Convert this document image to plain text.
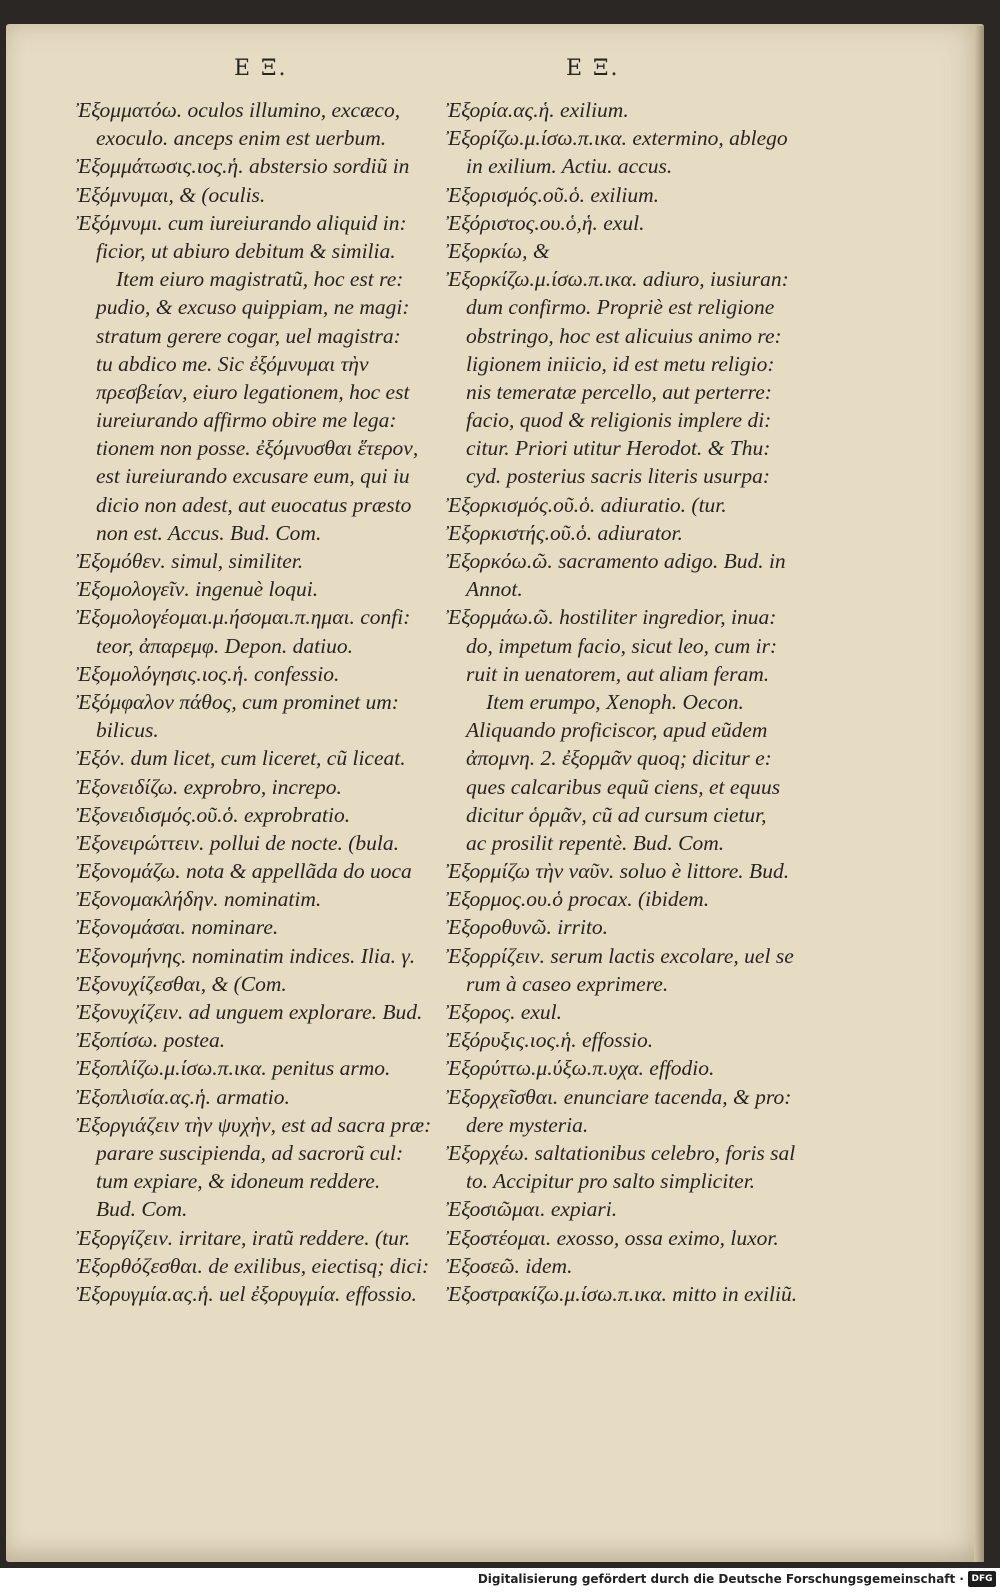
E Ξ.	E Ξ.
Ἐξομματόω. oculos illumino, excæco,
exoculo. anceps enim est uerbum.
Ἐξομμάτωσις.ιος.ἡ. abstersio sordiũ in
Ἐξόμνυμαι, & (oculis.
Ἐξόμνυμι. cum iureiurando aliquid in:
ficior, ut abiuro debitum & similia.
Item eiuro magistratũ, hoc est re:
pudio, & excuso quippiam, ne magi:
stratum gerere cogar, uel magistra:
tu abdico me. Sic ἐξόμνυμαι τὴν
πρεσβείαν, eiuro legationem, hoc est
iureiurando affirmo obire me lega:
tionem non posse. ἐξόμνυσθαι ἕτερον,
est iureiurando excusare eum, qui iu
dicio non adest, aut euocatus præsto
non est. Accus. Bud. Com.
Ἐξομόθεν. simul, similiter.
Ἐξομολογεῖν. ingenuè loqui.
Ἐξομολογέομαι.μ.ήσομαι.π.ημαι. confi:
teor, ἀπαρεμφ. Depon. datiuo.
Ἐξομολόγησις.ιος.ἡ. confessio.
Ἐξόμφαλον πάθος, cum prominet um:
bilicus.
Ἐξόν. dum licet, cum liceret, cũ liceat.
Ἐξονειδίζω. exprobro, increpo.
Ἐξονειδισμός.οῦ.ὁ. exprobratio.
Ἐξονειρώττειν. pollui de nocte. (bula.
Ἐξονομάζω. nota & appellãda do uoca
Ἐξονομακλήδην. nominatim.
Ἐξονομάσαι. nominare.
Ἐξονομήνης. nominatim indices. Ilia. γ.
Ἐξονυχίζεσθαι, & (Com.
Ἐξονυχίζειν. ad unguem explorare. Bud.
Ἐξοπίσω. postea.
Ἐξοπλίζω.μ.ίσω.π.ικα. penitus armo.
Ἐξοπλισία.ας.ἡ. armatio.
Ἐξοργιάζειν τὴν ψυχὴν, est ad sacra præ:
parare suscipienda, ad sacrorũ cul:
tum expiare, & idoneum reddere.
Bud. Com.
Ἐξοργίζειν. irritare, iratũ reddere. (tur.
Ἐξορθόζεσθαι. de exilibus, eiectisq; dici:
Ἐξορυγμία.ας.ἡ. uel ἐξορυγμία. effossio.
Ἐξορία.ας.ἡ. exilium.
Ἐξορίζω.μ.ίσω.π.ικα. extermino, ablego
in exilium. Actiu. accus.
Ἐξορισμός.οῦ.ὁ. exilium.
Ἐξόριστος.ου.ὁ,ἡ. exul.
Ἐξορκίω, &
Ἐξορκίζω.μ.ίσω.π.ικα. adiuro, iusiuran:
dum confirmo. Propriè est religione
obstringo, hoc est alicuius animo re:
ligionem iniicio, id est metu religio:
nis temeratæ percello, aut perterre:
facio, quod & religionis implere di:
citur. Priori utitur Herodot. & Thu:
cyd. posterius sacris literis usurpa:
Ἐξορκισμός.οῦ.ὁ. adiuratio. (tur.
Ἐξορκιστής.οῦ.ὁ. adiurator.
Ἐξορκόω.ῶ. sacramento adigo. Bud. in
Annot.
Ἐξορμάω.ῶ. hostiliter ingredior, inua:
do, impetum facio, sicut leo, cum ir:
ruit in uenatorem, aut aliam feram.
Item erumpo, Xenoph. Oecon.
Aliquando proficiscor, apud eũdem
ἀπομνη. 2. ἐξορμᾶν quoq; dicitur e:
ques calcaribus equũ ciens, et equus
dicitur ὁρμᾶν, cũ ad cursum cietur,
ac prosilit repentè. Bud. Com.
Ἐξορμίζω τὴν ναῦν. soluo è littore. Bud.
Ἐξορμος.ου.ὁ procax. (ibidem.
Ἐξοροθυνῶ. irrito.
Ἐξορρίζειν. serum lactis excolare, uel se
rum à caseo exprimere.
Ἐξορος. exul.
Ἐξόρυξις.ιος.ἡ. effossio.
Ἐξορύττω.μ.ύξω.π.υχα. effodio.
Ἐξορχεῖσθαι. enunciare tacenda, & pro:
dere mysteria.
Ἐξορχέω. saltationibus celebro, foris sal
to. Accipitur pro salto simpliciter.
Ἐξοσιῶμαι. expiari.
Ἐξοστέομαι. exosso, ossa eximo, luxor.
Ἐξοσεῶ. idem.
Ἐξοστρακίζω.μ.ίσω.π.ικα. mitto in exiliũ.
Digitalisierung gefördert durch die Deutsche Forschungsgemeinschaft · DFG
